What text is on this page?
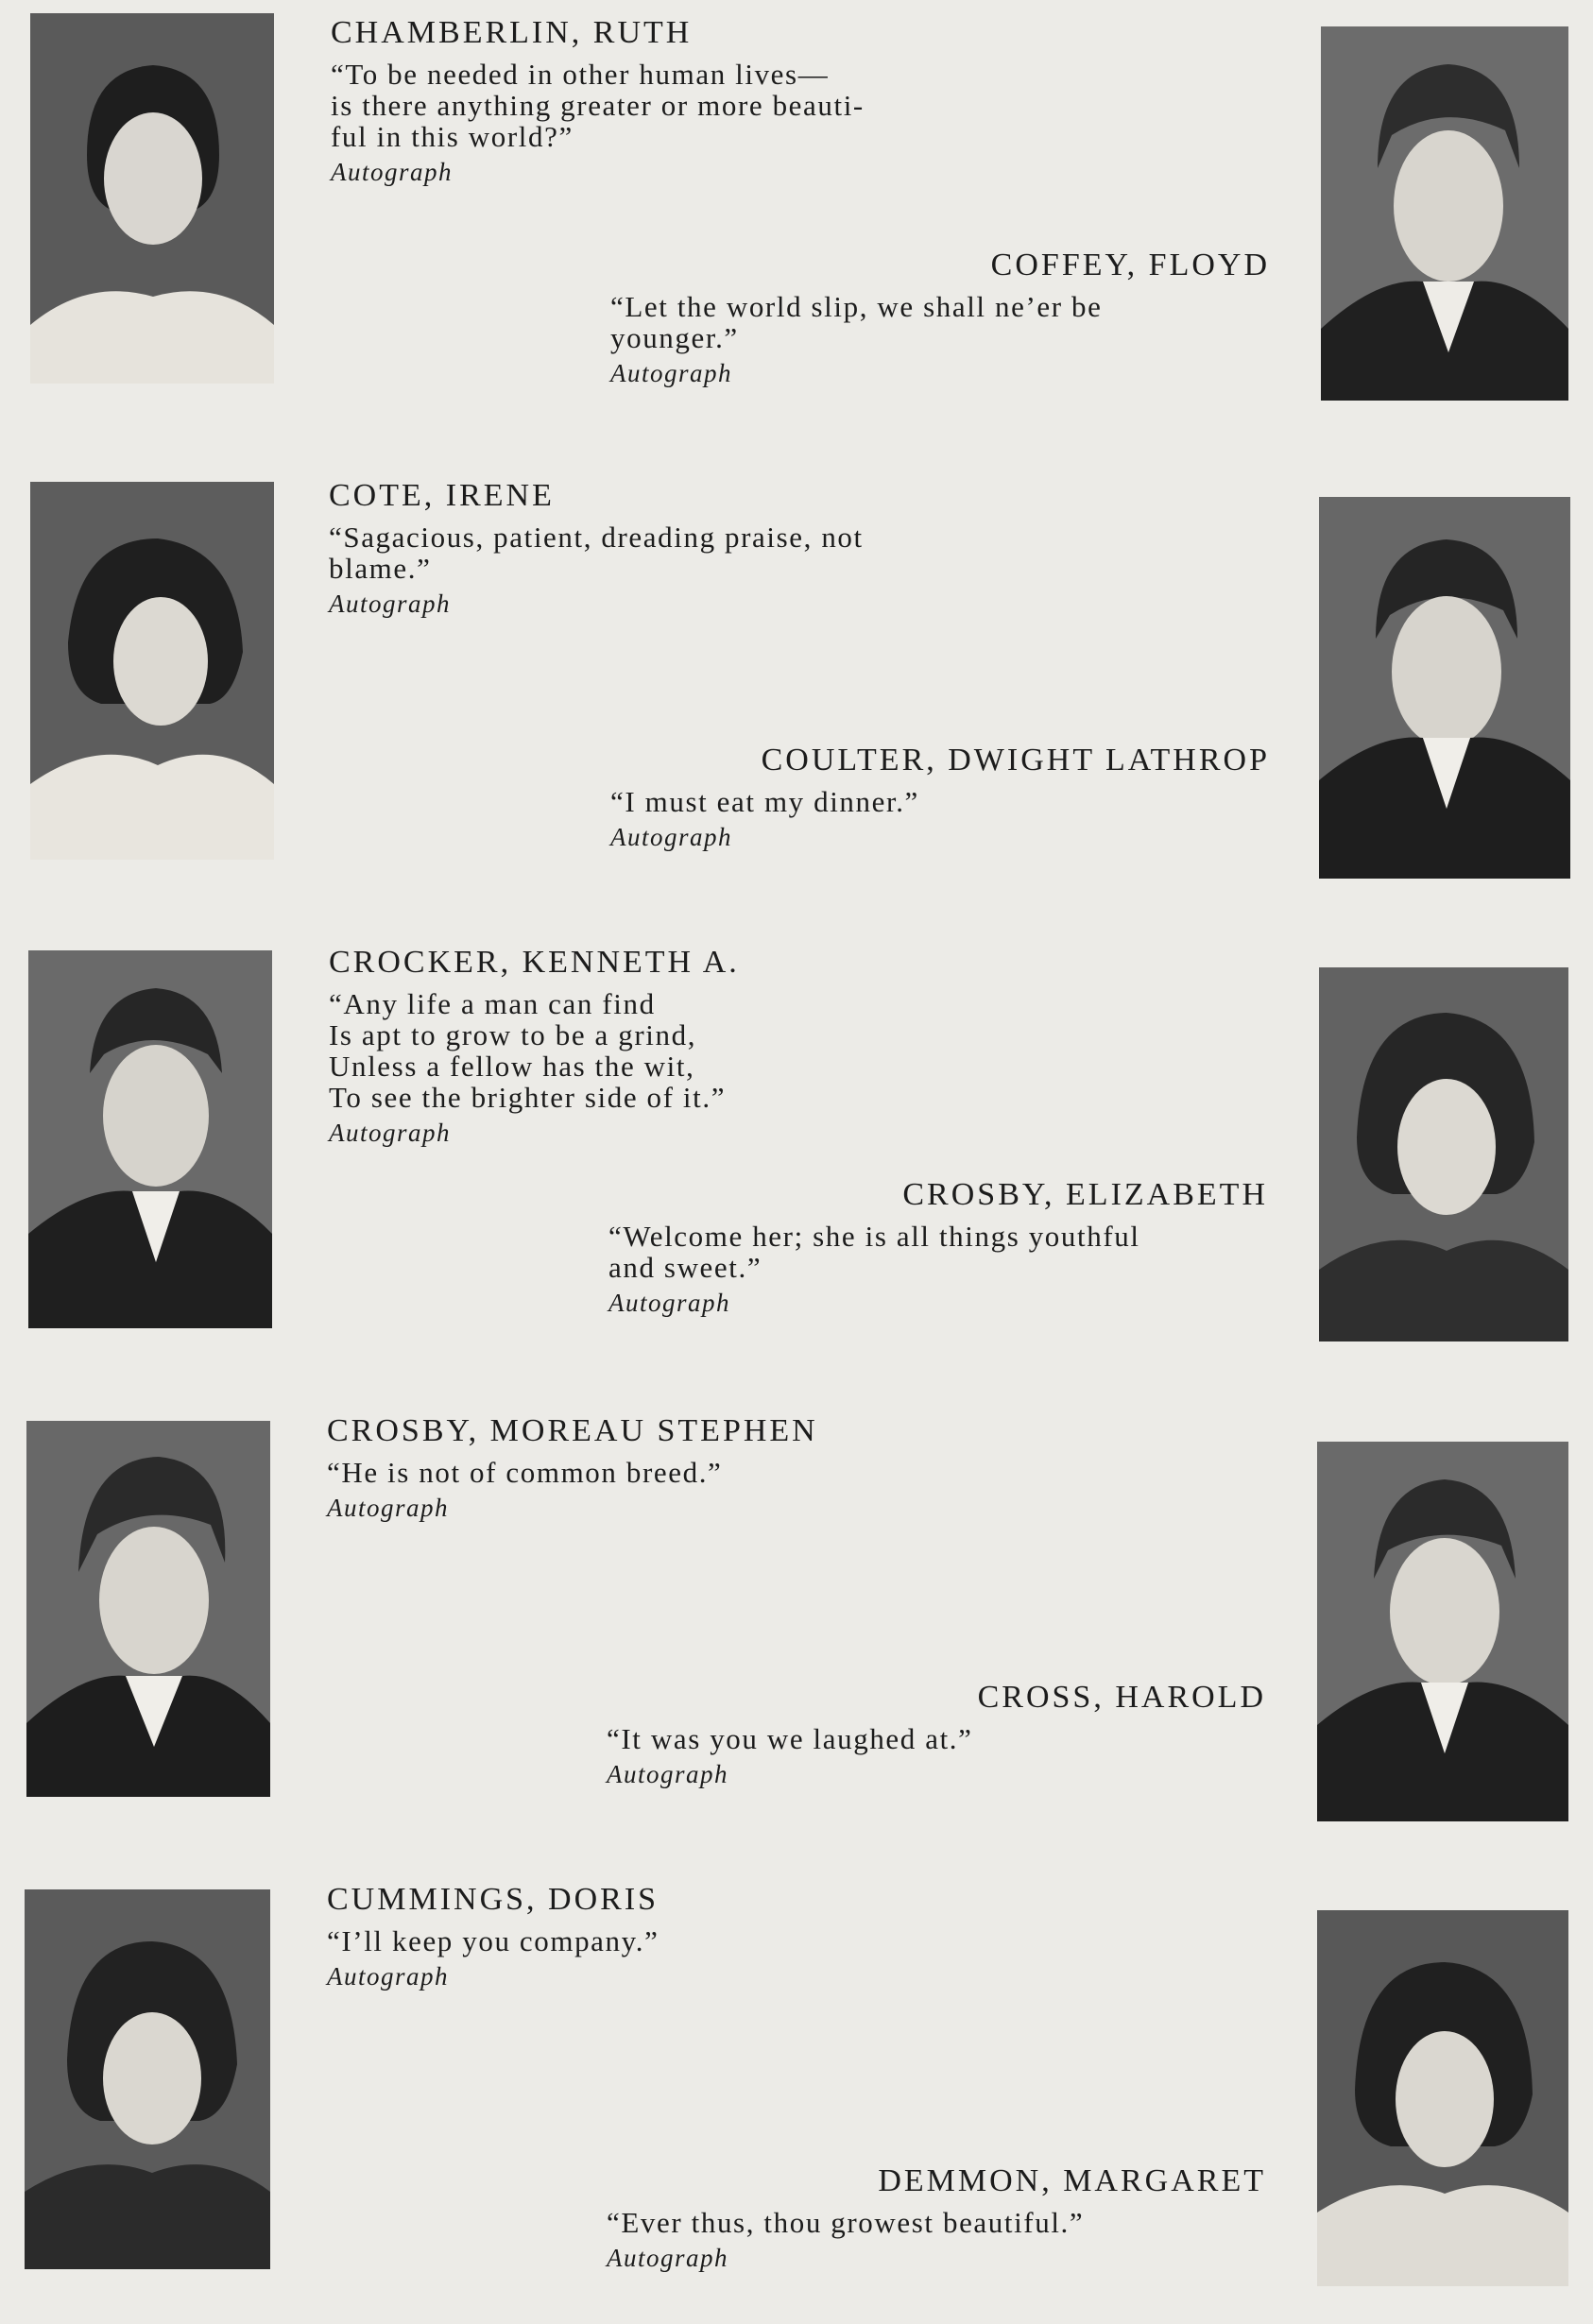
CHAMBERLIN, RUTH

“To be needed in other human lives—
is there anything greater or more beauti-
ful in this world?”

Autograph
COTE, IRENE

“Sagacious, patient, dreading praise, not
blame.”

Autograph
CROCKER, KENNETH A.

“Any life a man can find
Is apt to grow to be a grind,
Unless a fellow has the wit,
To see the brighter side of it.”

Autograph
CROSBY, MOREAU STEPHEN

“He is not of common breed.”

Autograph
CUMMINGS, DORIS

“I’ll keep you company.”

Autograph
COFFEY, FLOYD

“Let the world slip, we shall ne’er be
younger.”

Autograph
COULTER, DWIGHT LATHROP

“I must eat my dinner.”

Autograph
CROSBY, ELIZABETH

“Welcome her; she is all things youthful
and sweet.”

Autograph
CROSS, HAROLD

“It was you we laughed at.”

Autograph
DEMMON, MARGARET

“Ever thus, thou growest beautiful.”

Autograph
